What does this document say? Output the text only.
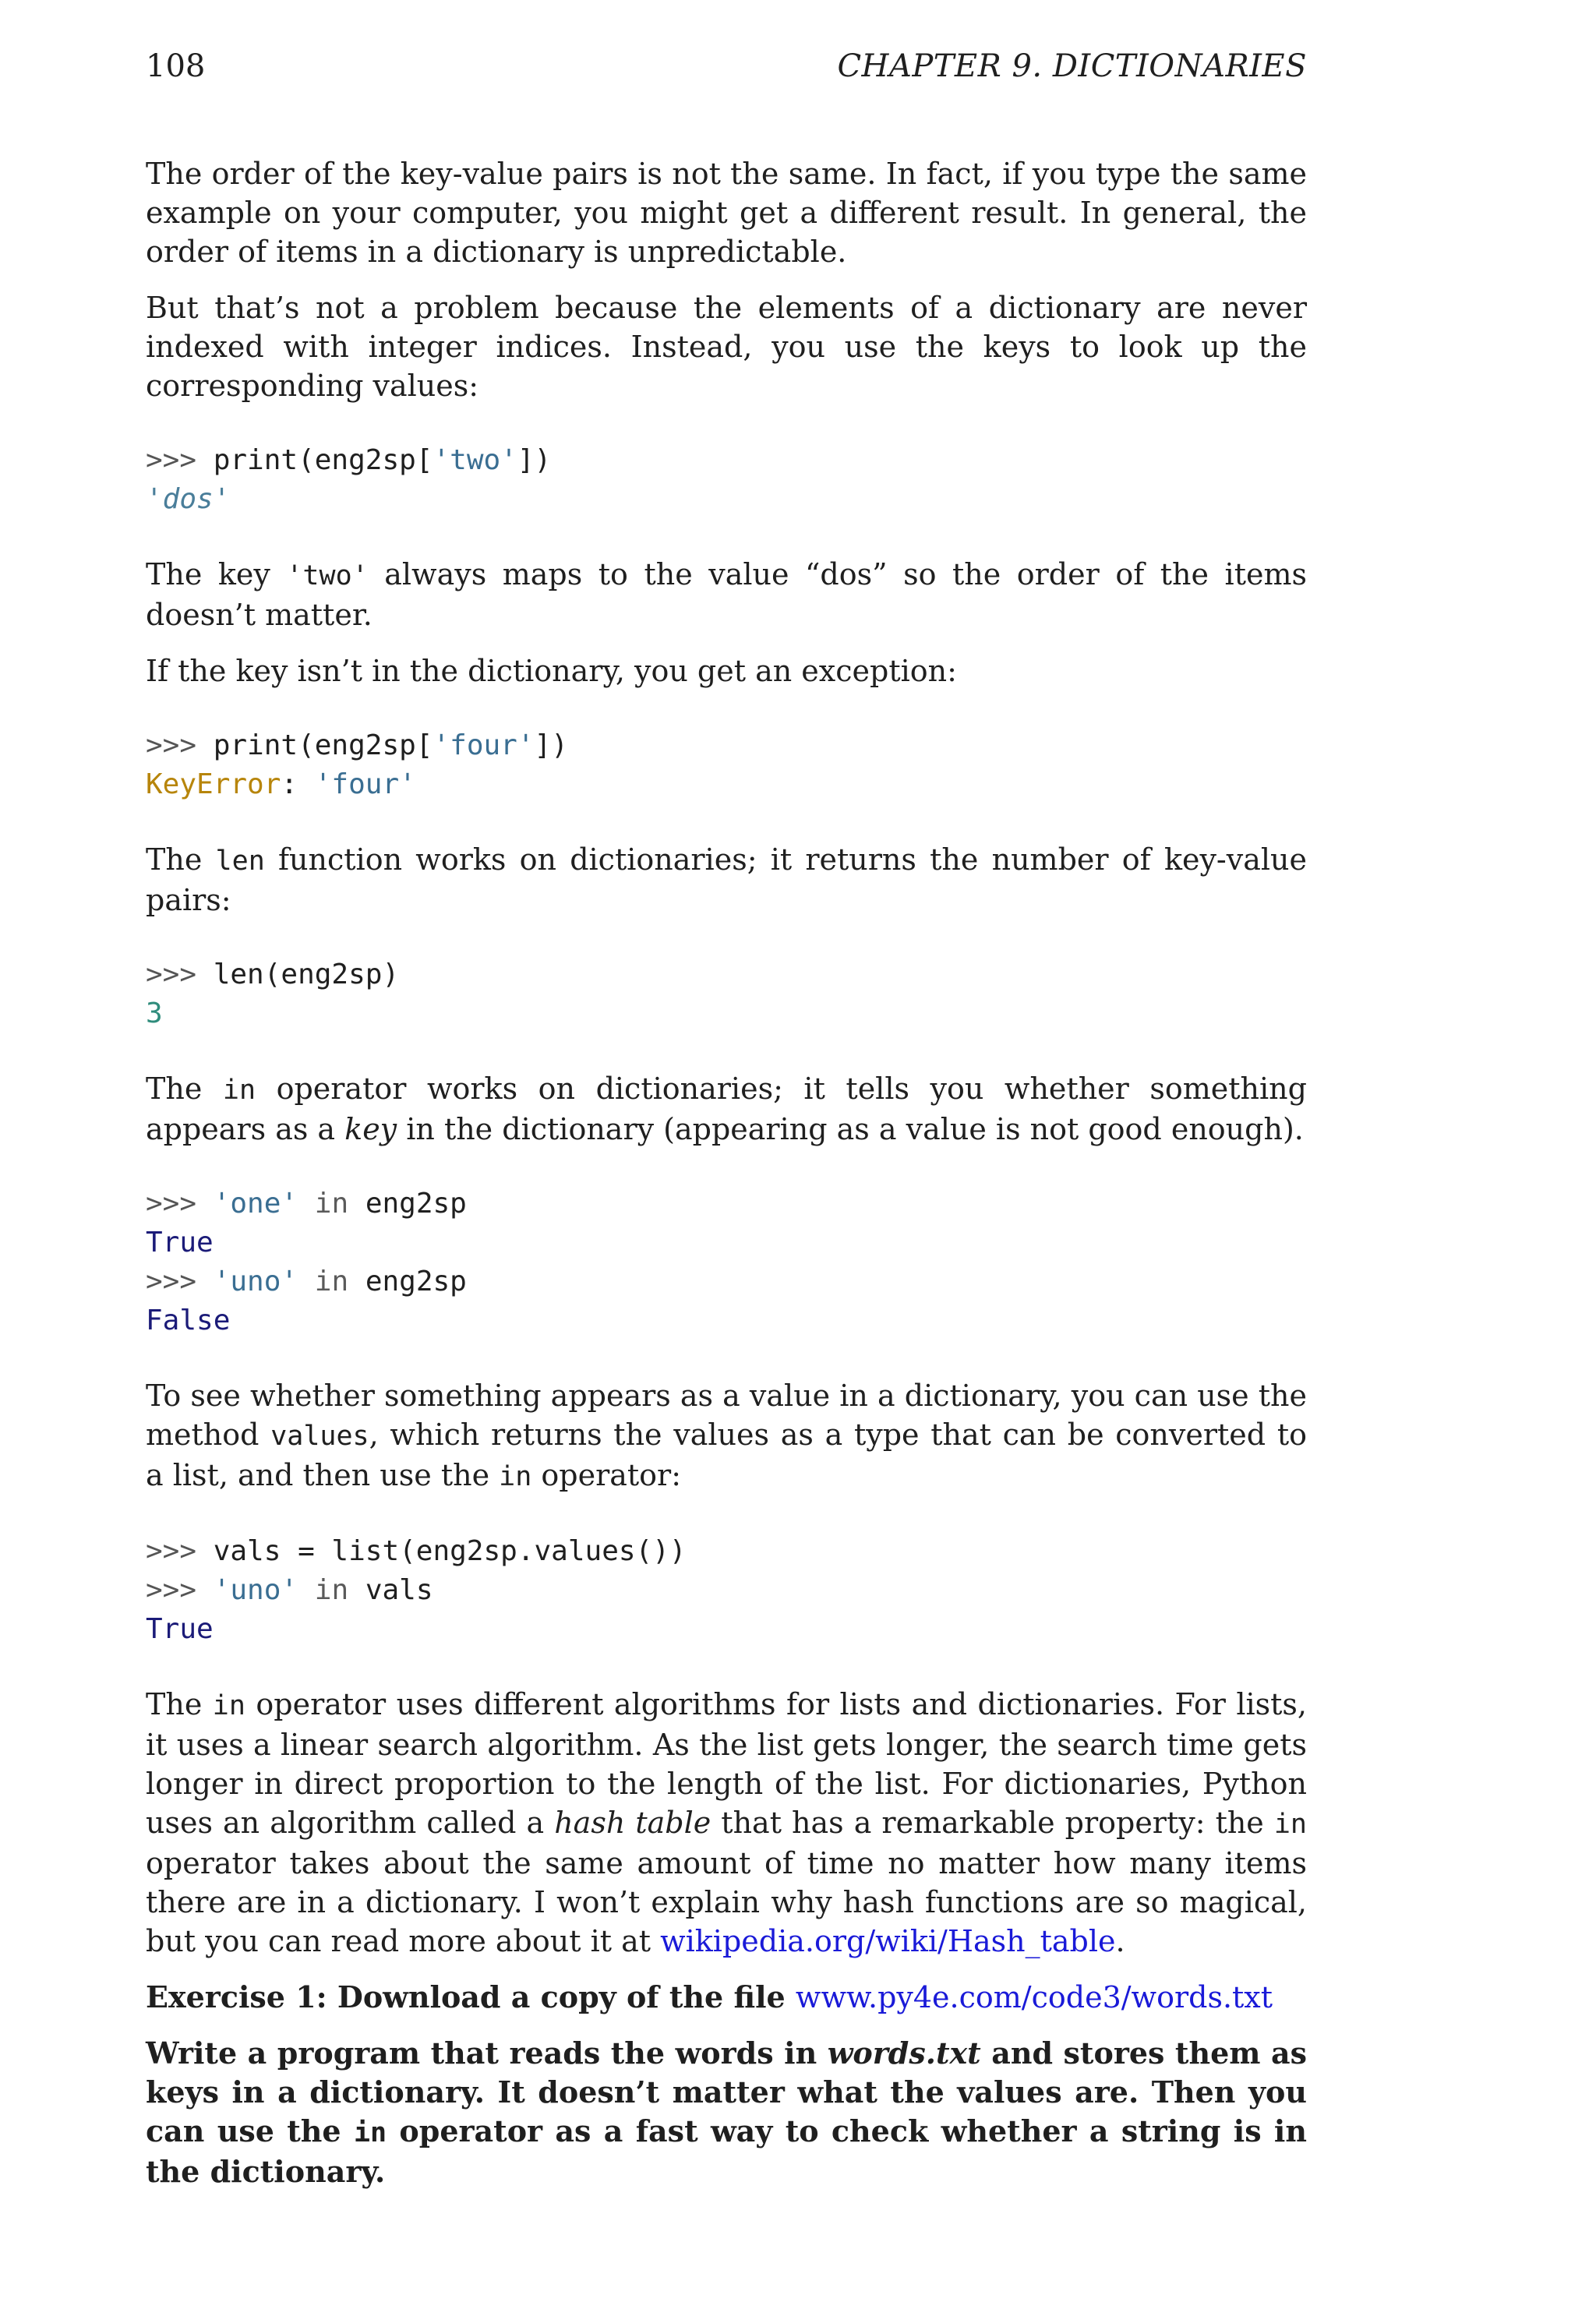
108	CHAPTER 9. DICTIONARIES

The order of the key-value pairs is not the same. In fact, if you type the same example on your computer, you might get a different result. In general, the order of items in a dictionary is unpredictable.

But that’s not a problem because the elements of a dictionary are never indexed with integer indices. Instead, you use the keys to look up the corresponding values:

>>> print(eng2sp['two'])
'dos'

The key 'two' always maps to the value “dos” so the order of the items doesn’t matter.

If the key isn’t in the dictionary, you get an exception:

>>> print(eng2sp['four'])
KeyError: 'four'

The len function works on dictionaries; it returns the number of key-value pairs:

>>> len(eng2sp)
3

The in operator works on dictionaries; it tells you whether something appears as a key in the dictionary (appearing as a value is not good enough).

>>> 'one' in eng2sp
True
>>> 'uno' in eng2sp
False

To see whether something appears as a value in a dictionary, you can use the method values, which returns the values as a type that can be converted to a list, and then use the in operator:

>>> vals = list(eng2sp.values())
>>> 'uno' in vals
True

The in operator uses different algorithms for lists and dictionaries. For lists, it uses a linear search algorithm. As the list gets longer, the search time gets longer in direct proportion to the length of the list. For dictionaries, Python uses an algorithm called a hash table that has a remarkable property: the in operator takes about the same amount of time no matter how many items there are in a dictionary. I won’t explain why hash functions are so magical, but you can read more about it at wikipedia.org/wiki/Hash_table.

Exercise 1: Download a copy of the file www.py4e.com/code3/words.txt

Write a program that reads the words in words.txt and stores them as keys in a dictionary. It doesn’t matter what the values are. Then you can use the in operator as a fast way to check whether a string is in the dictionary.
